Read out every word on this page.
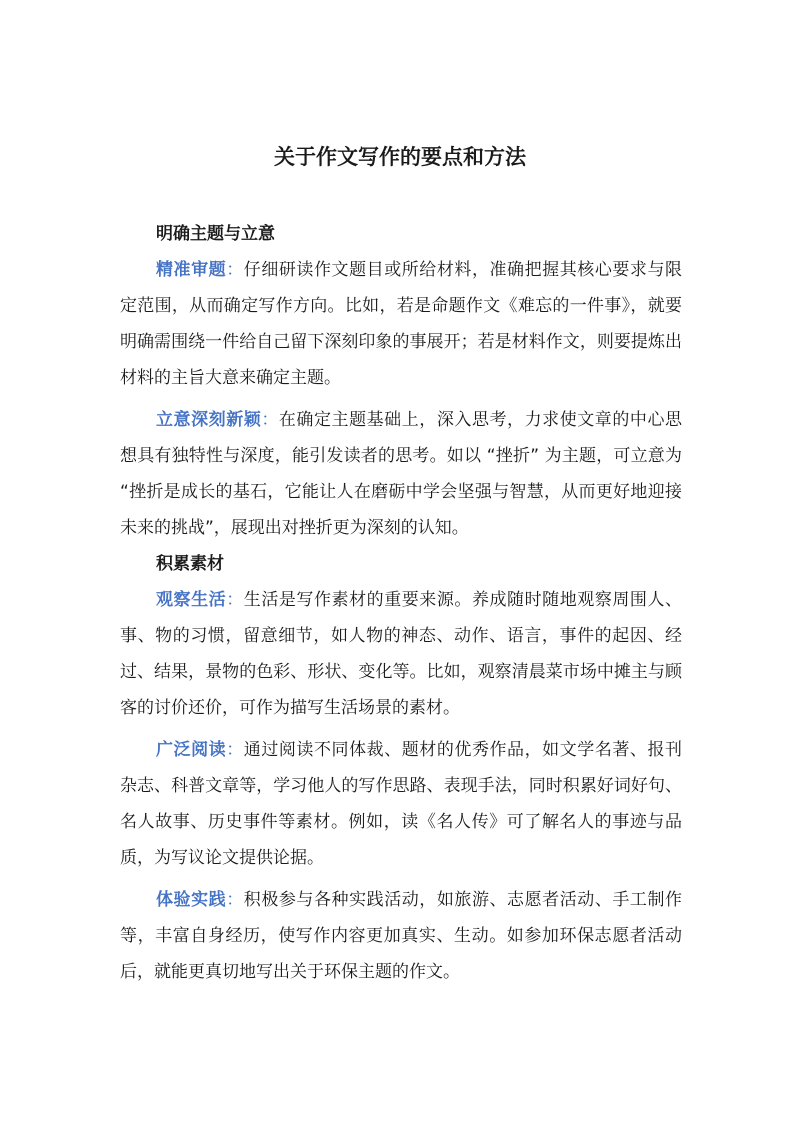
关于作文写作的要点和方法
明确主题与立意

精准审题：仔细研读作文题目或所给材料，准确把握其核心要求与限定范围，从而确定写作方向。比如，若是命题作文《难忘的一件事》，就要明确需围绕一件给自己留下深刻印象的事展开；若是材料作文，则要提炼出材料的主旨大意来确定主题。

立意深刻新颖：在确定主题基础上，深入思考，力求使文章的中心思想具有独特性与深度，能引发读者的思考。如以 “挫折” 为主题，可立意为 “挫折是成长的基石，它能让人在磨砺中学会坚强与智慧，从而更好地迎接未来的挑战”，展现出对挫折更为深刻的认知。

积累素材

观察生活：生活是写作素材的重要来源。养成随时随地观察周围人、事、物的习惯，留意细节，如人物的神态、动作、语言，事件的起因、经过、结果，景物的色彩、形状、变化等。比如，观察清晨菜市场中摊主与顾客的讨价还价，可作为描写生活场景的素材。

广泛阅读：通过阅读不同体裁、题材的优秀作品，如文学名著、报刊杂志、科普文章等，学习他人的写作思路、表现手法，同时积累好词好句、名人故事、历史事件等素材。例如，读《名人传》可了解名人的事迹与品质，为写议论文提供论据。

体验实践：积极参与各种实践活动，如旅游、志愿者活动、手工制作等，丰富自身经历，使写作内容更加真实、生动。如参加环保志愿者活动后，就能更真切地写出关于环保主题的作文。
